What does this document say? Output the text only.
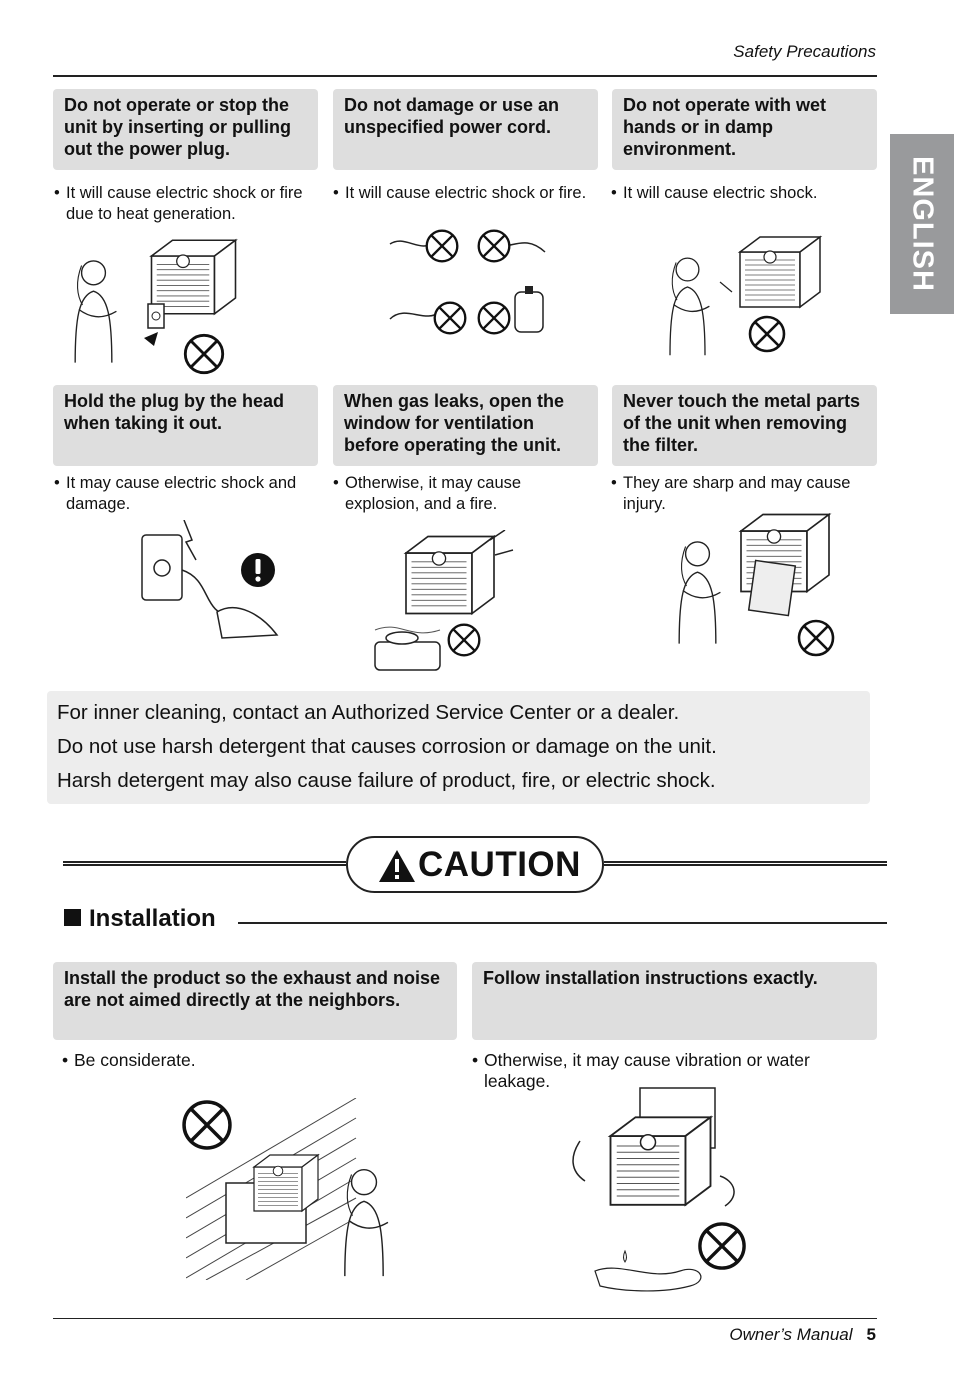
Safety Precautions
ENGLISH
Do not operate or stop the unit by inserting or pulling out the power plug.
Do not damage or use an unspecified power cord.
Do not operate with wet hands or in damp environment.
• It will cause electric shock or fire due to heat generation.
• It will cause electric shock or fire.	• It will cause electric shock.
Hold the plug by the head when taking it out.
When gas leaks, open the window for ventilation before operating the unit.
Never touch the metal parts of the unit when removing the filter.
• It may cause electric shock and damage.
• Otherwise, it may cause explosion, and a fire.
• They are sharp and may cause injury.
For inner cleaning, contact an Authorized Service Center or a dealer.
Do not use harsh detergent that causes corrosion or damage on the unit.
Harsh detergent may also cause failure of product, fire, or electric shock.
CAUTION
Installation
Install the product so the exhaust and noise are not aimed directly at the neighbors.
Follow installation instructions exactly.
• Be considerate.	• Otherwise, it may cause vibration or water leakage.
Owner’s Manual 5
